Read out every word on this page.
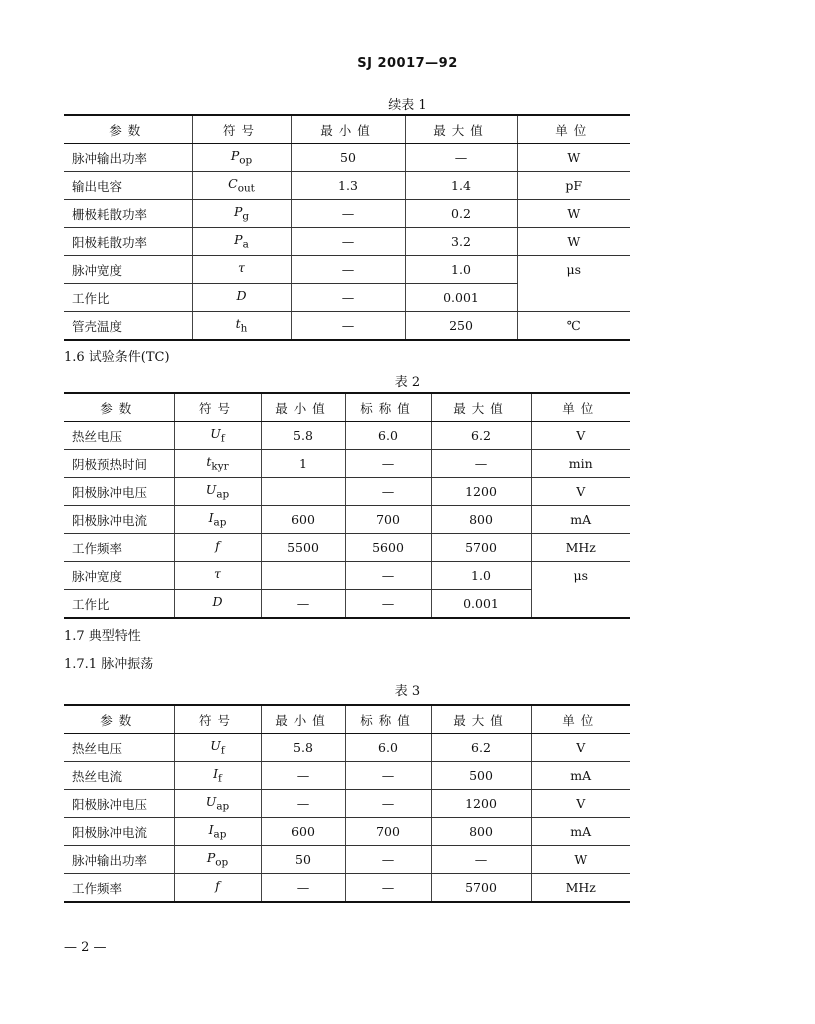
SJ 20017—92
续表 1
参数	符号	最小值	最大值	单位
脉冲输出功率	$P_{op}$	50	—	W
输出电容	$C_{out}$	1.3	1.4	pF
栅极耗散功率	$P_g$	—	0.2	W
阳极耗散功率	$P_a$	—	3.2	W
脉冲宽度	τ	—	1.0	μs
工作比	D	—	0.001	
管壳温度	$t_h$	—	250	℃
1.6 试验条件(TC)
表 2
参数	符号	最小值	标称值	最大值	单位
热丝电压	$U_f$	5.8	6.0	6.2	V
阴极预热时间	$t_{kyr}$	1	—	—	min
阳极脉冲电压	$U_{ap}$		—	1200	V
阳极脉冲电流	$I_{ap}$	600	700	800	mA
工作频率	f	5500	5600	5700	MHz
脉冲宽度	τ		—	1.0	μs
工作比	D	—	—	0.001	
1.7 典型特性
1.7.1 脉冲振荡
表 3
参数	符号	最小值	标称值	最大值	单位
热丝电压	$U_f$	5.8	6.0	6.2	V
热丝电流	$I_f$	—	—	500	mA
阳极脉冲电压	$U_{ap}$	—	—	1200	V
阳极脉冲电流	$I_{ap}$	600	700	800	mA
脉冲输出功率	$P_{op}$	50	—	—	W
工作频率	f	—	—	5700	MHz
— 2 —
